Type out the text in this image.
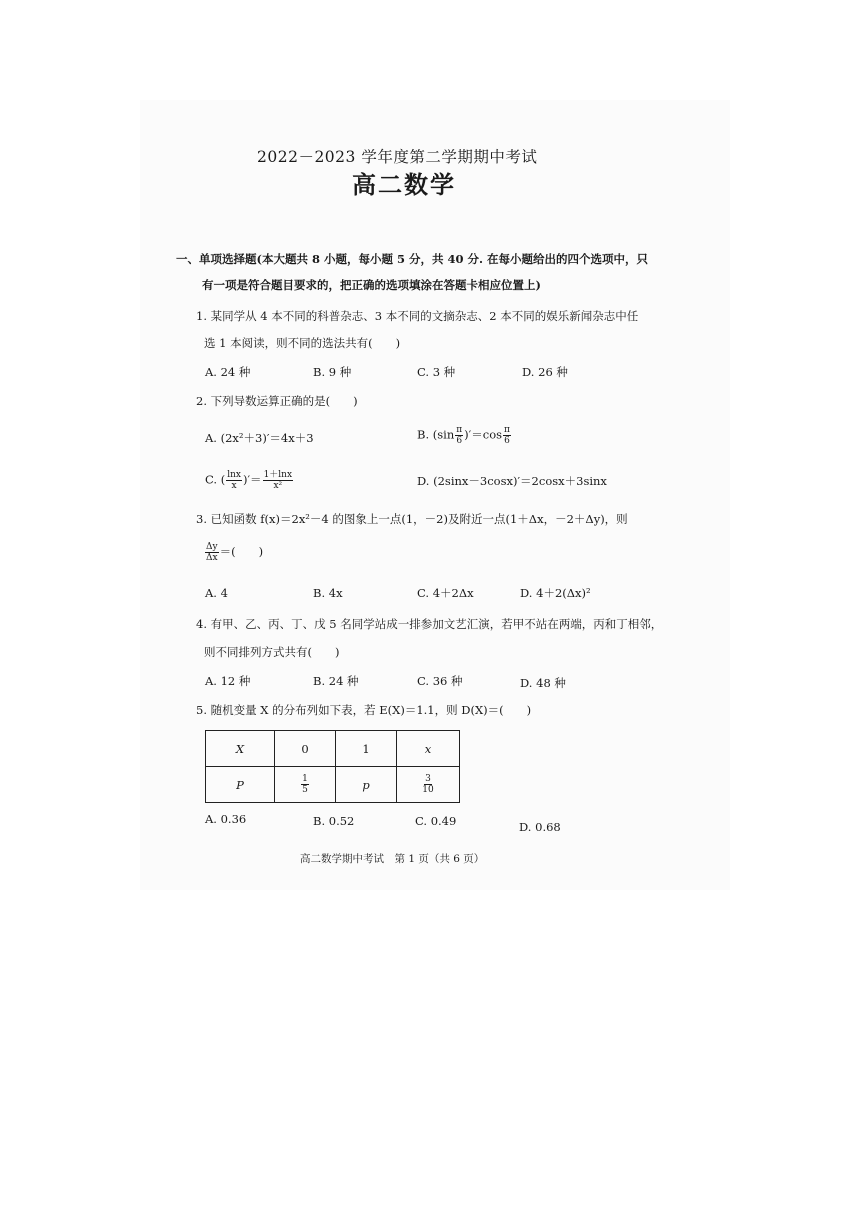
2022－2023 学年度第二学期期中考试
高二数学
一、单项选择题(本大题共 8 小题，每小题 5 分，共 40 分. 在每小题给出的四个选项中，只
有一项是符合题目要求的，把正确的选项填涂在答题卡相应位置上)
1. 某同学从 4 本不同的科普杂志、3 本不同的文摘杂志、2 本不同的娱乐新闻杂志中任
选 1 本阅读，则不同的选法共有(　　)
A. 24 种	B. 9 种	C. 3 种	D. 26 种
2. 下列导数运算正确的是(　　)
A. (2x²＋3)′＝4x＋3	B. $(\sin \frac{\pi}{6} )'=\cos \frac{\pi}{6}$
C. ( $\frac{\ln x}{x}$ )′＝ $\frac{1+\ln x}{\text{x²}}$	D. (2sinx－3cosx)′＝2cosx＋3sinx
3. 已知函数 f(x)＝2x²－4 的图象上一点(1，－2)及附近一点(1＋Δx，－2＋Δy)，则
$\frac{\Delta y}{\Delta x}$ ＝(　　)
A. 4	B. 4x	C. 4＋2Δx	D. 4＋2(Δx)²
4. 有甲、乙、丙、丁、戊 5 名同学站成一排参加文艺汇演，若甲不站在两端，丙和丁相邻，
则不同排列方式共有(　　)
A. 12 种	B. 24 种	C. 36 种	D. 48 种
5. 随机变量 X 的分布列如下表，若 E(X)＝1.1，则 D(X)＝(　　)
X	0	1	x
P	$\frac{1}{5}$	p	$\frac{3}{10}$
A. 0.36	B. 0.52	C. 0.49	D. 0.68
高二数学期中考试　第 1 页（共 6 页）
